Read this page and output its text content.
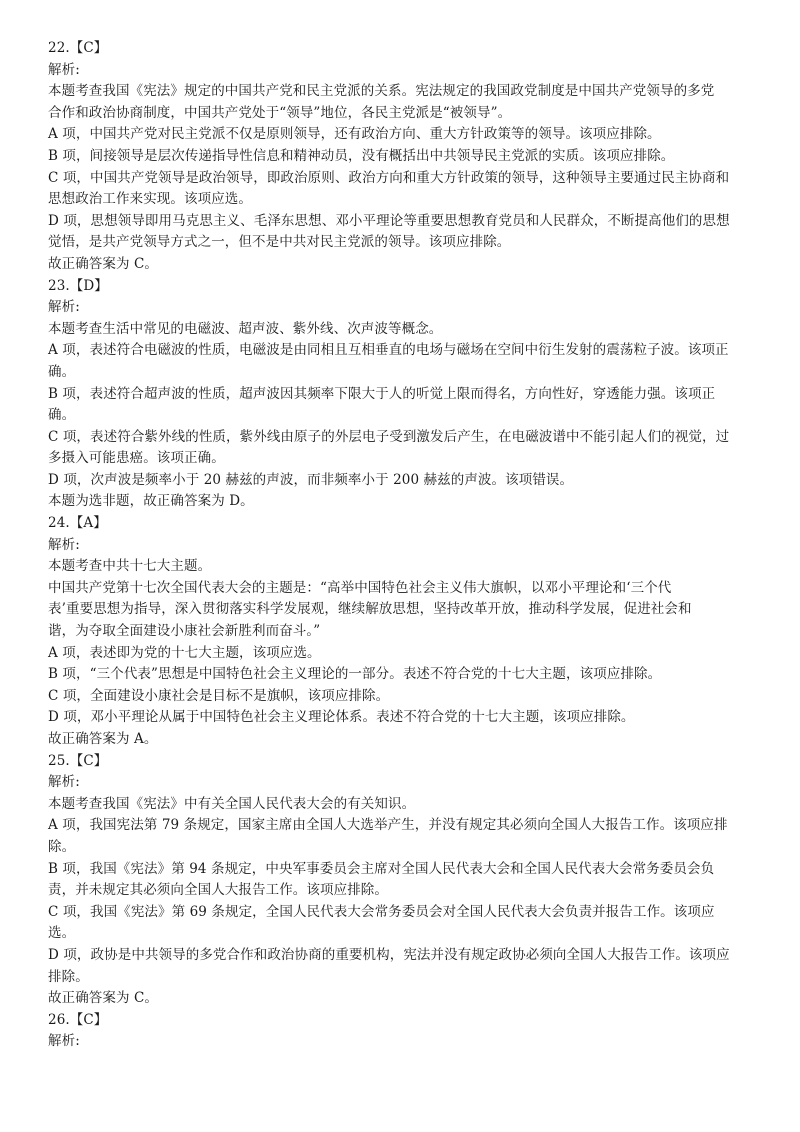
22.【C】
解析:
本题考查我国《宪法》规定的中国共产党和民主党派的关系。宪法规定的我国政党制度是中国共产党领导的多党
合作和政治协商制度，中国共产党处于“领导”地位，各民主党派是“被领导”。
A 项，中国共产党对民主党派不仅是原则领导，还有政治方向、重大方针政策等的领导。该项应排除。
B 项，间接领导是层次传递指导性信息和精神动员，没有概括出中共领导民主党派的实质。该项应排除。
C 项，中国共产党领导是政治领导，即政治原则、政治方向和重大方针政策的领导，这种领导主要通过民主协商和
思想政治工作来实现。该项应选。
D 项，思想领导即用马克思主义、毛泽东思想、邓小平理论等重要思想教育党员和人民群众，不断提高他们的思想
觉悟，是共产党领导方式之一，但不是中共对民主党派的领导。该项应排除。
故正确答案为 C。
23.【D】
解析:
本题考查生活中常见的电磁波、超声波、紫外线、次声波等概念。
A 项，表述符合电磁波的性质，电磁波是由同相且互相垂直的电场与磁场在空间中衍生发射的震荡粒子波。该项正
确。
B 项，表述符合超声波的性质，超声波因其频率下限大于人的听觉上限而得名，方向性好，穿透能力强。该项正
确。
C 项，表述符合紫外线的性质，紫外线由原子的外层电子受到激发后产生，在电磁波谱中不能引起人们的视觉，过
多摄入可能患癌。该项正确。
D 项，次声波是频率小于 20 赫兹的声波，而非频率小于 200 赫兹的声波。该项错误。
本题为选非题，故正确答案为 D。
24.【A】
解析:
本题考查中共十七大主题。
中国共产党第十七次全国代表大会的主题是：“高举中国特色社会主义伟大旗帜，以邓小平理论和‘三个代
表’重要思想为指导，深入贯彻落实科学发展观，继续解放思想，坚持改革开放，推动科学发展，促进社会和
谐，为夺取全面建设小康社会新胜利而奋斗。”
A 项，表述即为党的十七大主题，该项应选。
B 项，“三个代表”思想是中国特色社会主义理论的一部分。表述不符合党的十七大主题，该项应排除。
C 项，全面建设小康社会是目标不是旗帜，该项应排除。
D 项，邓小平理论从属于中国特色社会主义理论体系。表述不符合党的十七大主题，该项应排除。
故正确答案为 A。
25.【C】
解析:
本题考查我国《宪法》中有关全国人民代表大会的有关知识。
A 项，我国宪法第 79 条规定，国家主席由全国人大选举产生，并没有规定其必须向全国人大报告工作。该项应排
除。
B 项，我国《宪法》第 94 条规定，中央军事委员会主席对全国人民代表大会和全国人民代表大会常务委员会负
责，并未规定其必须向全国人大报告工作。该项应排除。
C 项，我国《宪法》第 69 条规定，全国人民代表大会常务委员会对全国人民代表大会负责并报告工作。该项应
选。
D 项，政协是中共领导的多党合作和政治协商的重要机构，宪法并没有规定政协必须向全国人大报告工作。该项应
排除。
故正确答案为 C。
26.【C】
解析:
